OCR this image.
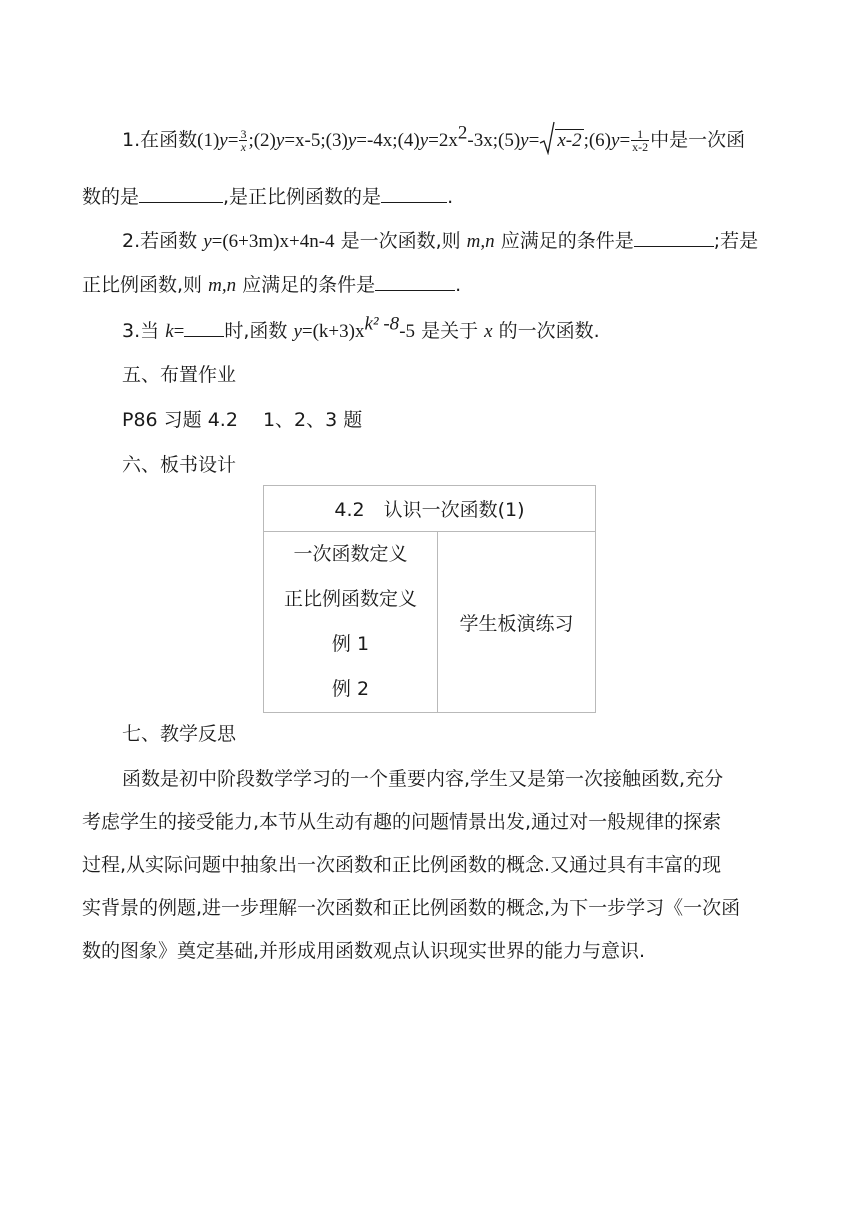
1.在函数$(1)y= \frac{3}{x}$ $;(2)y=x-5;(3)y=-4x;(4)y=2x^2-3x;(5)y= x-2$ ;(6)y= $\frac{1}{x-2}$ 中是一次函
数的是	,是正比例函数的是	.
2.若函数 y=(6+3m)x+4n-4 是一次函数,则 m,n 应满足的条件是	;若是
正比例函数,则 m,n 应满足的条件是	.
3.当 k= 时,函数 $y=(k+3)x^{k^2 -8}-5$ 是关于 x 的一次函数.
五、布置作业
P86 习题 4.2　 1、2、3 题
六、板书设计
4.2　认识一次函数(1)

一次函数定义
正比例函数定义
例 1
例 2
	学生板演练习
七、教学反思
函数是初中阶段数学学习的一个重要内容,学生又是第一次接触函数,充分
考虑学生的接受能力,本节从生动有趣的问题情景出发,通过对一般规律的探索
过程,从实际问题中抽象出一次函数和正比例函数的概念.又通过具有丰富的现
实背景的例题,进一步理解一次函数和正比例函数的概念,为下一步学习《一次函
数的图象》奠定基础,并形成用函数观点认识现实世界的能力与意识.
